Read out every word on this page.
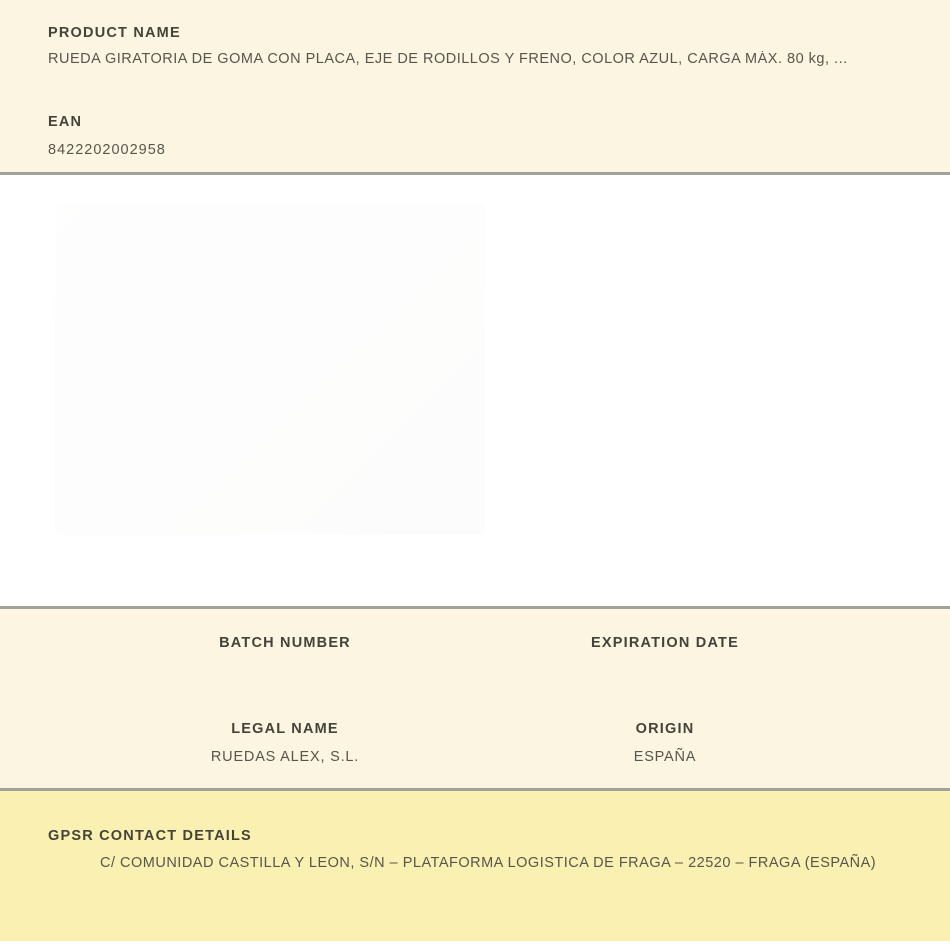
PRODUCT NAME
RUEDA GIRATORIA DE GOMA CON PLACA, EJE DE RODILLOS Y FRENO, COLOR AZUL, CARGA MÁX. 80 kg, ...
EAN
8422202002958
BATCH NUMBER	EXPIRATION DATE
LEGAL NAME
RUEDAS ALEX, S.L.
ORIGIN
ESPAÑA
GPSR CONTACT DETAILS
C/ COMUNIDAD CASTILLA Y LEON, S/N – PLATAFORMA LOGISTICA DE FRAGA – 22520 – FRAGA (ESPAÑA)
